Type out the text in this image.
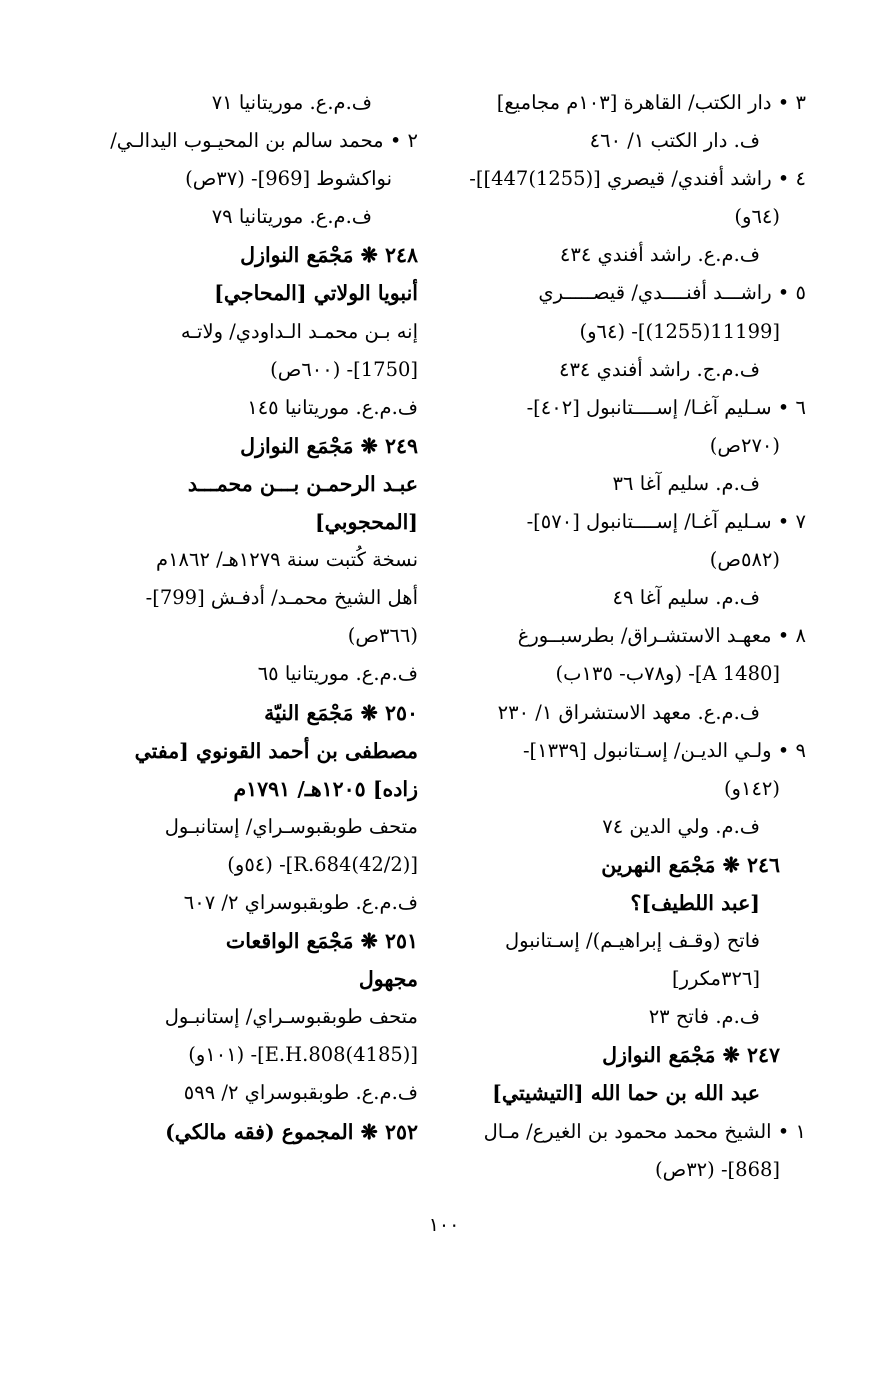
٣ • دار الكتب/ القاهرة [١٠٣م مجاميع]
ف. دار الكتب ١/ ٤٦٠
٤ • راشد أفندي/ قيصري [(1255)447]]-
(٦٤و)
ف.م.ع. راشد أفندي ٤٣٤
٥ • راشـــد أفنــــدي/ قيصـــــري
[11199(1255)]- (٦٤و)
ف.م.ج. راشد أفندي ٤٣٤
٦ • سـليم آغـا/ إســــتانبول [٤٠٢]-
(٢٧٠ص)
ف.م. سليم آغا ٣٦
٧ • سـليم آغـا/ إســــتانبول [٥٧٠]-
(٥٨٢ص)
ف.م. سليم آغا ٤٩
٨ • معهـد الاستشـراق/ بطرسبــورغ
[A 1480]- (و٧٨ب- ١٣٥ب)
ف.م.ع. معهد الاستشراق ١/ ٢٣٠
٩ • ولـي الديـن/ إسـتانبول [١٣٣٩]-
(١٤٢و)
ف.م. ولي الدين ٧٤
٢٤٦ ❋ مَجْمَع النهرين
[عبد اللطيف]؟
فاتح (وقـف إبراهيـم)/ إسـتانبول
[٣٢٦مكرر]
ف.م. فاتح ٢٣
٢٤٧ ❋ مَجْمَع النوازل
عبد الله بن حما الله [التيشيتي]
١ • الشيخ محمد محمود بن الغيرع/ مـال
[868]- (٣٢ص)
ف.م.ع. موريتانيا ٧١
٢ • محمد سالم بن المحيـوب اليدالـي/
نواكشوط [969]- (٣٧ص)
ف.م.ع. موريتانيا ٧٩
٢٤٨ ❋ مَجْمَع النوازل
أنبويا الولاتي [المحاجي]
إنه بـن محمـد الـداودي/ ولاتـه
[1750]- (٦٠٠ص)
ف.م.ع. موريتانيا ١٤٥
٢٤٩ ❋ مَجْمَع النوازل
عبـد الرحمـن بـــن محمـــد
[المحجوبي]
نسخة كُتبت سنة ١٢٧٩هـ/ ١٨٦٢م
أهل الشيخ محمـد/ أدفـش [799]-
(٣٦٦ص)
ف.م.ع. موريتانيا ٦٥
٢٥٠ ❋ مَجْمَع النيّة
مصطفى بن أحمد القونوي [مفتي
زاده] ١٢٠٥هـ/ ١٧٩١م
متحف طوبقبوسـراي/ إستانبـول
[R.684(42/2)]- (٥٤و)
ف.م.ع. طوبقبوسراي ٢/ ٦٠٧
٢٥١ ❋ مَجْمَع الواقعات
مجهول
متحف طوبقبوسـراي/ إستانبـول
[E.H.808(4185)]- (١٠١و)
ف.م.ع. طوبقبوسراي ٢/ ٥٩٩
٢٥٢ ❋ المجموع (فقه مالكي)
١٠٠
